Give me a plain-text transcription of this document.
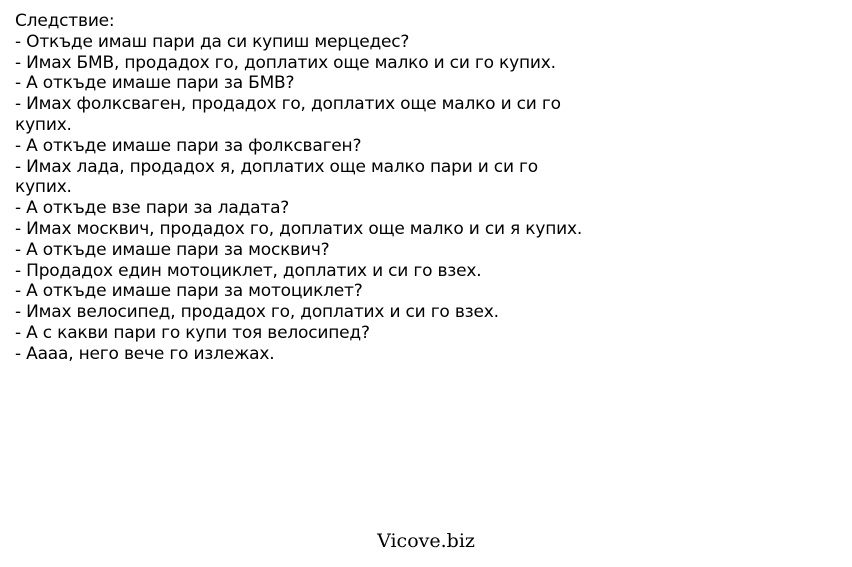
Следствие:
- Откъде имаш пари да си купиш мерцедес?
- Имах БМВ, продадох го, доплатих още малко и си го купих.
- А откъде имаше пари за БМВ?
- Имах фолксваген, продадох го, доплатих още малко и си го купих.
- А откъде имаше пари за фолксваген?
- Имах лада, продадох я, доплатих още малко пари и си го купих.
- А откъде взе пари за ладата?
- Имах москвич, продадох го, доплатих още малко и си я купих.
- А откъде имаше пари за москвич?
- Продадох един мотоциклет, доплатих и си го взех.
- А откъде имаше пари за мотоциклет?
- Имах велосипед, продадох го, доплатих и си го взех.
- А с какви пари го купи тоя велосипед?
- Аааа, него вече го излежах.
Vicove.biz
